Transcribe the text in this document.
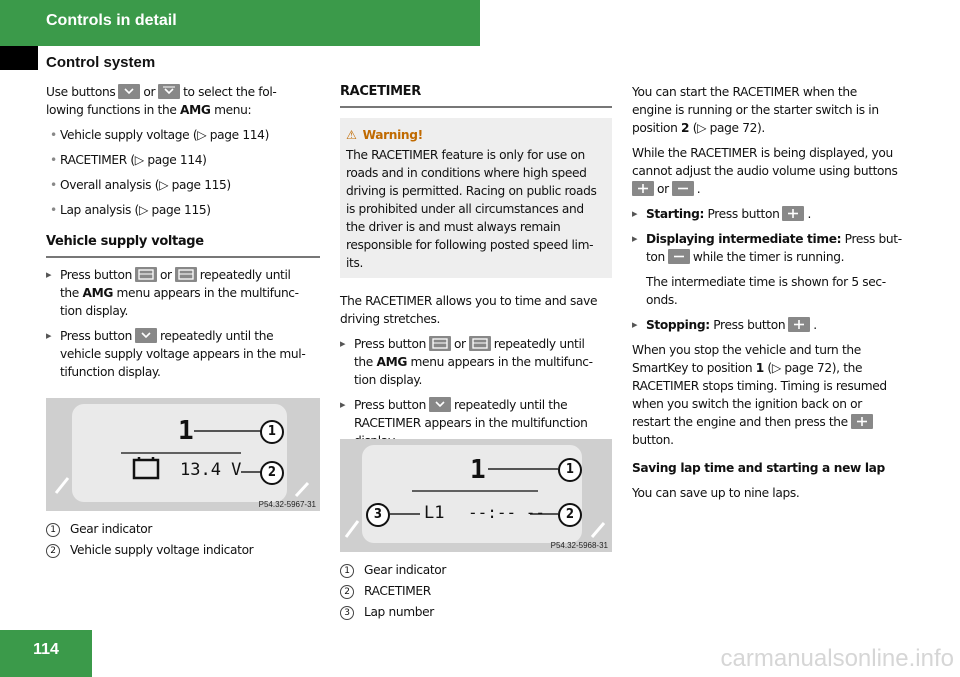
Controls in detail
Control system

Use buttons or to select the fol-
lowing functions in the AMG menu:

• Vehicle supply voltage (▷ page 114)
• RACETIMER (▷ page 114)
• Overall analysis (▷ page 115)
• Lap analysis (▷ page 115)
Vehicle supply voltage
▸ Press button or repeatedly until
the AMG menu appears in the multifunc-
tion display.
▸ Press button repeatedly until the
vehicle supply voltage appears in the mul-
tifunction display.
1
13.4 V
1
2
P54.32-5967-31
1 Gear indicator
2 Vehicle supply voltage indicator
RACETIMER
⚠ Warning!
The RACETIMER feature is only for use on
roads and in conditions where high speed
driving is permitted. Racing on public roads
is prohibited under all circumstances and
the driver is and must always remain
responsible for following posted speed lim-
its.

The RACETIMER allows you to time and save
driving stretches.

▸ Press button or repeatedly until
the AMG menu appears in the multifunc-
tion display.
▸ Press button repeatedly until the
RACETIMER appears in the multifunction

1
L1 --:-- --
1
2
3
P54.32-5968-31
1 Gear indicator
2 RACETIMER
3 Lap number

You can start the RACETIMER when the
engine is running or the starter switch is in
position 2 (▷ page 72).

While the RACETIMER is being displayed, you
cannot adjust the audio volume using buttons

or .

▸ Starting: Press button .
▸ Displaying intermediate time: Press but-
ton while the timer is running.

The intermediate time is shown for 5 sec-
onds.

▸ Stopping: Press button .

When you stop the vehicle and turn the
SmartKey to position 1 (▷ page 72), the
RACETIMER stops timing. Timing is resumed
when you switch the ignition back on or
restart the engine and then press the

button.

Saving lap time and starting a new lap

You can save up to nine laps.

114	carmanualsonline.info
